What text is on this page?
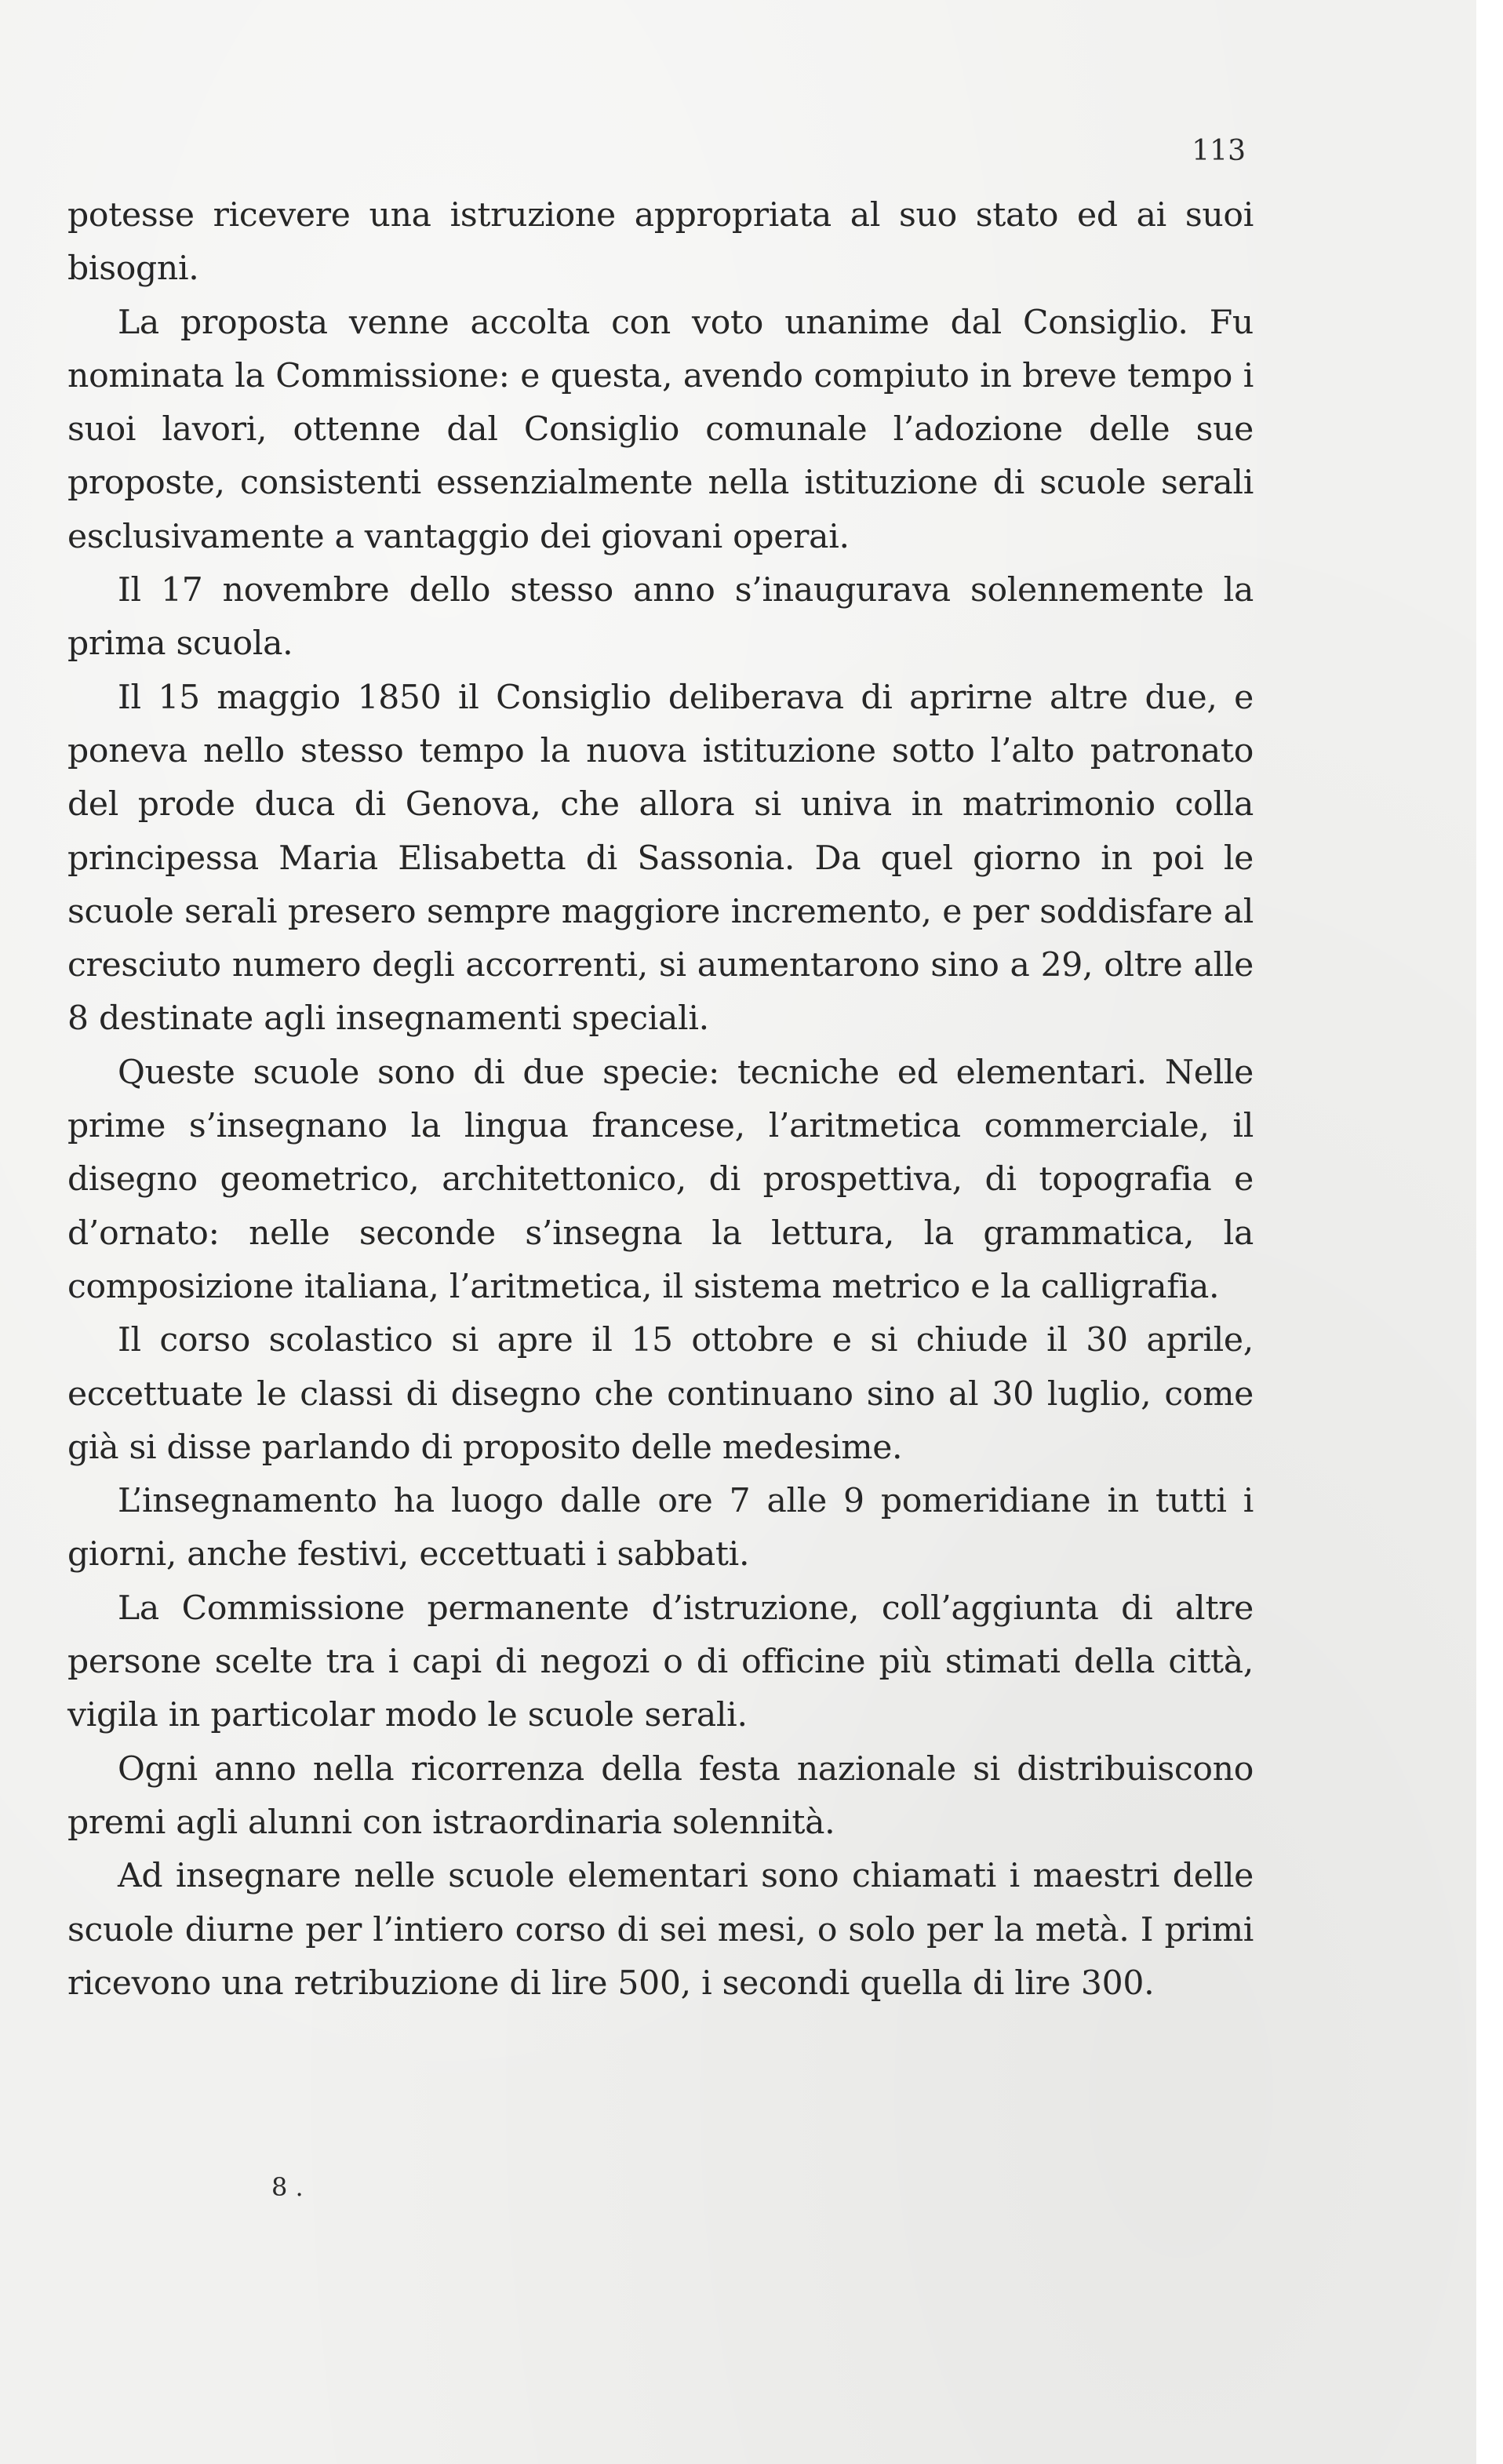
113

potesse ricevere una istruzione appropriata al suo stato ed ai suoi bisogni.

La proposta venne accolta con voto unanime dal Consiglio. Fu nominata la Commissione: e questa, avendo compiuto in breve tempo i suoi lavori, ottenne dal Consiglio comunale l’adozione delle sue proposte, consistenti essenzialmente nella istituzione di scuole serali esclusivamente a vantaggio dei giovani operai.

Il 17 novembre dello stesso anno s’inaugurava solennemente la prima scuola.

Il 15 maggio 1850 il Consiglio deliberava di aprirne altre due, e poneva nello stesso tempo la nuova istituzione sotto l’alto patronato del prode duca di Genova, che allora si univa in matrimonio colla principessa Maria Elisabetta di Sassonia. Da quel giorno in poi le scuole serali presero sempre maggiore incremento, e per soddisfare al cresciuto numero degli accorrenti, si aumentarono sino a 29, oltre alle 8 destinate agli insegnamenti speciali.

Queste scuole sono di due specie: tecniche ed elementari. Nelle prime s’insegnano la lingua francese, l’aritmetica commerciale, il disegno geometrico, architettonico, di prospettiva, di topografia e d’ornato: nelle seconde s’insegna la lettura, la grammatica, la composizione italiana, l’aritmetica, il sistema metrico e la calligrafia.

Il corso scolastico si apre il 15 ottobre e si chiude il 30 aprile, eccettuate le classi di disegno che continuano sino al 30 luglio, come già si disse parlando di proposito delle medesime.

L’insegnamento ha luogo dalle ore 7 alle 9 pomeridiane in tutti i giorni, anche festivi, eccettuati i sabbati.

La Commissione permanente d’istruzione, coll’aggiunta di altre persone scelte tra i capi di negozi o di officine più stimati della città, vigila in particolar modo le scuole serali.

Ogni anno nella ricorrenza della festa nazionale si distribuiscono premi agli alunni con istraordinaria solennità.

Ad insegnare nelle scuole elementari sono chiamati i maestri delle scuole diurne per l’intiero corso di sei mesi, o solo per la metà. I primi ricevono una retribuzione di lire 500, i secondi quella di lire 300.

8 .
